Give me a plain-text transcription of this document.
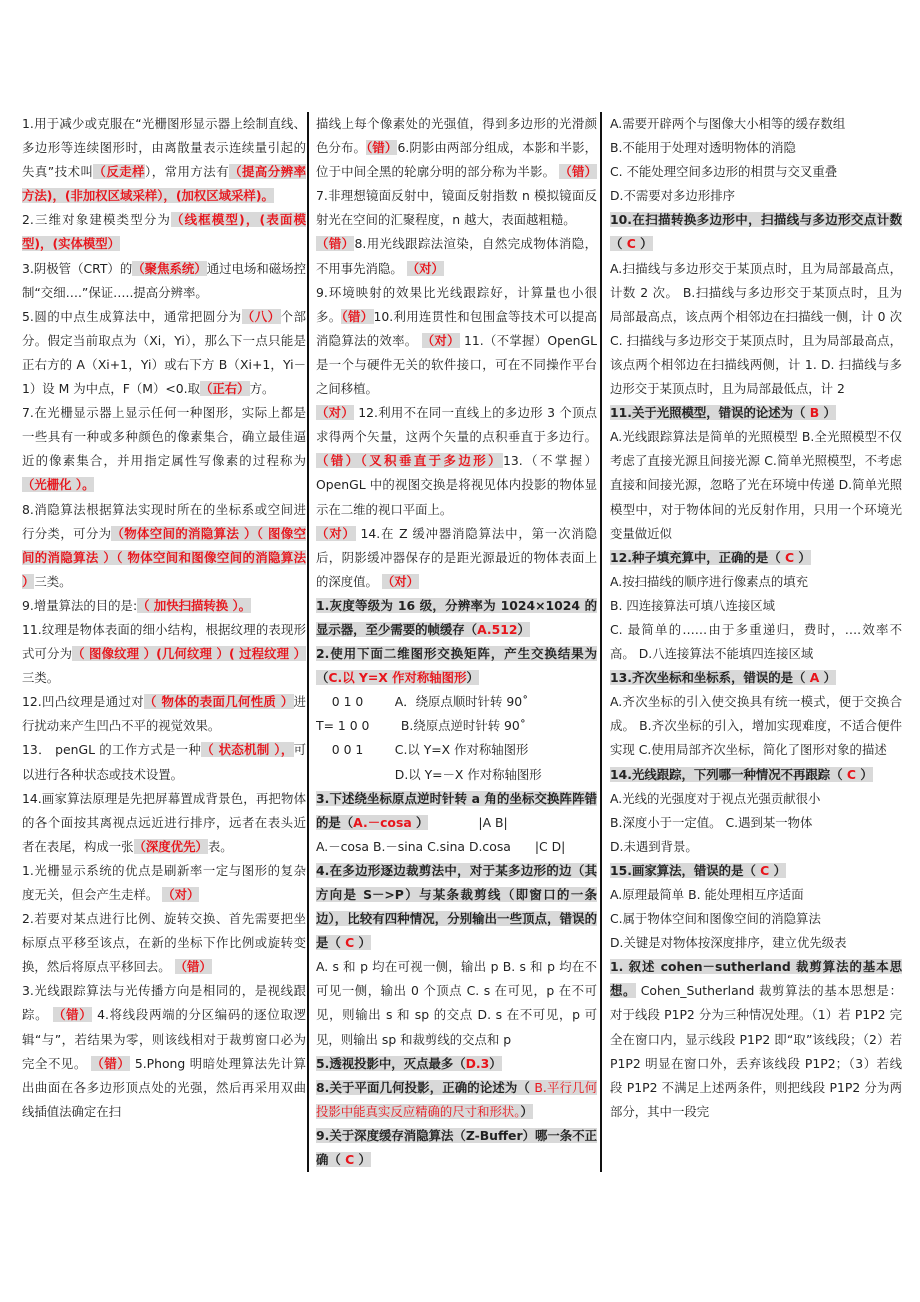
1.用于减少或克服在“光栅图形显示器上绘制直线、多边形等连续图形时，由离散量表示连续量引起的失真”技术叫（反走样），常用方法有（提高分辨率方法)，(非加权区域采样），(加权区域采样)。

2.三维对象建模类型分为（线框模型)，(表面模型)，(实体模型）

3.阴极管（CRT）的（聚焦系统）通过电场和磁场控制“交细….”保证…..提高分辨率。

5.圆的中点生成算法中，通常把圆分为（八）个部分。假定当前取点为（Xi，Yi），那么下一点只能是正右方的 A（Xi+1，Yi）或右下方 B（Xi+1，Yi－1）设 M 为中点，F（M）<0.取（正右）方。

7.在光栅显示器上显示任何一种图形，实际上都是一些具有一种或多种颜色的像素集合，确立最佳逼近的像素集合，并用指定属性写像素的过程称为（光栅化 ）。

8.消隐算法根据算法实现时所在的坐标系或空间进行分类，可分为（物体空间的消隐算法 ）（ 图像空间的消隐算法 ）（ 物体空间和图像空间的消隐算法 ）三类。

9.增量算法的目的是:（ 加快扫描转换 ）。

11.纹理是物体表面的细小结构，根据纹理的表现形式可分为（ 图像纹理 ）(几何纹理 ）( 过程纹理 ）三类。

12.凹凸纹理是通过对（ 物体的表面几何性质 ）进行扰动来产生凹凸不平的视觉效果。

13． penGL 的工作方式是一种（ 状态机制 ），可以进行各种状态或技术设置。

14.画家算法原理是先把屏幕置成背景色，再把物体的各个面按其离视点远近进行排序，远者在表头近者在表尾，构成一张（深度优先）表。

1.光栅显示系统的优点是刷新率一定与图形的复杂度无关，但会产生走样。 （对）

2.若要对某点进行比例、旋转交换、首先需要把坐标原点平移至该点，在新的坐标下作比例或旋转变换，然后将原点平移回去。 （错）

3.光线跟踪算法与光传播方向是相同的，是视线跟踪。 （错） 4.将线段两端的分区编码的逐位取逻辑“与”，若结果为零，则该线相对于裁剪窗口必为完全不见。 （错） 5.Phong 明暗处理算法先计算出曲面在各多边形顶点处的光强，然后再采用双曲线插值法确定在扫

描线上每个像素处的光强值，得到多边形的光滑颜色分布。（错）6.阴影由两部分组成，本影和半影，位于中间全黑的轮廓分明的部分称为半影。 （错） 7.非理想镜面反射中，镜面反射指数 n 模拟镜面反射光在空间的汇聚程度，n 越大，表面越粗糙。

（错）8.用光线跟踪法渲染，自然完成物体消隐，不用事先消隐。 （对）

9.环境映射的效果比光线跟踪好，计算量也小很多。（错）10.利用连贯性和包围盒等技术可以提高消隐算法的效率。 （对） 11.（不掌握）OpenGL 是一个与硬件无关的软件接口，可在不同操作平台之间移植。

（对） 12.利用不在同一直线上的多边形 3 个顶点求得两个矢量，这两个矢量的点积垂直于多边行。（错）（叉积垂直于多边形）13.（不掌握）OpenGL 中的视图交换是将视见体内投影的物体显示在二维的视口平面上。

（对） 14.在 Z 缓冲器消隐算法中，第一次消隐后，阴影缓冲器保存的是距光源最近的物体表面上的深度值。 （对）

1.灰度等级为 16 级，分辨率为 1024×1024 的显示器，至少需要的帧缓存（A.512）

2.使用下面二维图形交换矩阵，产生交换结果为（C.以 Y=X 作对称轴图形）

0 1 0        A．绕原点顺时针转 90˚
T= 1 0 0        B.绕原点逆时针转 90˚
0 0 1        C.以 Y=X 作对称轴图形
D.以 Y=－X 作对称轴图形

3.下述绕坐标原点逆时针转 a 角的坐标交换阵阵错的是（A.－cosa ）	|A B|

A.－cosa B.－sina C.sina D.cosa |C D|

4.在多边形逐边裁剪法中，对于某多边形的边（其方向是 S－>P）与某条裁剪线（即窗口的一条边），比较有四种情况，分别输出一些顶点，错误的是（ C ）

A. s 和 p 均在可视一侧，输出 p B. s 和 p 均在不可见一侧，输出 0 个顶点 C. s 在可见，p 在不可见，则输出 s 和 sp 的交点 D. s 在不可见，p 可见，则输出 sp 和裁剪线的交点和 p

5.透视投影中，灭点最多（D.3）

8.关于平面几何投影，正确的论述为（ B.平行几何投影中能真实反应精确的尺寸和形状。）

9.关于深度缓存消隐算法（Z-Buffer）哪一条不正确（ C ）

A.需要开辟两个与图像大小相等的缓存数组

B.不能用于处理对透明物体的消隐

C. 不能处理空间多边形的相贯与交叉重叠

D.不需要对多边形排序

10.在扫描转换多边形中，扫描线与多边形交点计数（ C ）

A.扫描线与多边形交于某顶点时，且为局部最高点，计数 2 次。 B.扫描线与多边形交于某顶点时，且为局部最高点，该点两个相邻边在扫描线一侧，计 0 次 C. 扫描线与多边形交于某顶点时，且为局部最高点，该点两个相邻边在扫描线两侧，计 1. D. 扫描线与多边形交于某顶点时，且为局部最低点，计 2

11.关于光照模型，错误的论述为（ B ）

A.光线跟踪算法是简单的光照模型 B.全光照模型不仅考虑了直接光源且间接光源 C.简单光照模型，不考虑直接和间接光源，忽略了光在环境中传递 D.简单光照模型中，对于物体间的光反射作用，只用一个环境光变量做近似

12.种子填充算中，正确的是（ C ）

A.按扫描线的顺序进行像素点的填充

B. 四连接算法可填八连接区域

C. 最简单的……由于多重递归，费时，….效率不高。 D.八连接算法不能填四连接区域

13.齐次坐标和坐标系，错误的是（ A ）

A.齐次坐标的引入使交换具有统一模式，便于交换合成。 B.齐次坐标的引入，增加实现难度，不适合便件实现 C.使用局部齐次坐标，简化了图形对象的描述

14.光线跟踪，下列哪一种情况不再跟踪（ C ）

A.光线的光强度对于视点光强贡献很小

B.深度小于一定值。 C.遇到某一物体

D.未遇到背景。

15.画家算法，错误的是（ C ）

A.原理最简单 B. 能处理相互序适面

C.属于物体空间和图像空间的消隐算法

D.关键是对物体按深度排序，建立优先级表

1. 叙述 cohen－sutherland 裁剪算法的基本思想。 Cohen_Sutherland 裁剪算法的基本思想是：对于线段 P1P2 分为三种情况处理。（1）若 P1P2 完全在窗口内，显示线段 P1P2 即“取”该线段；（2）若 P1P2 明显在窗口外，丢弃该线段 P1P2；（3）若线段 P1P2 不满足上述两条件，则把线段 P1P2 分为两部分，其中一段完
